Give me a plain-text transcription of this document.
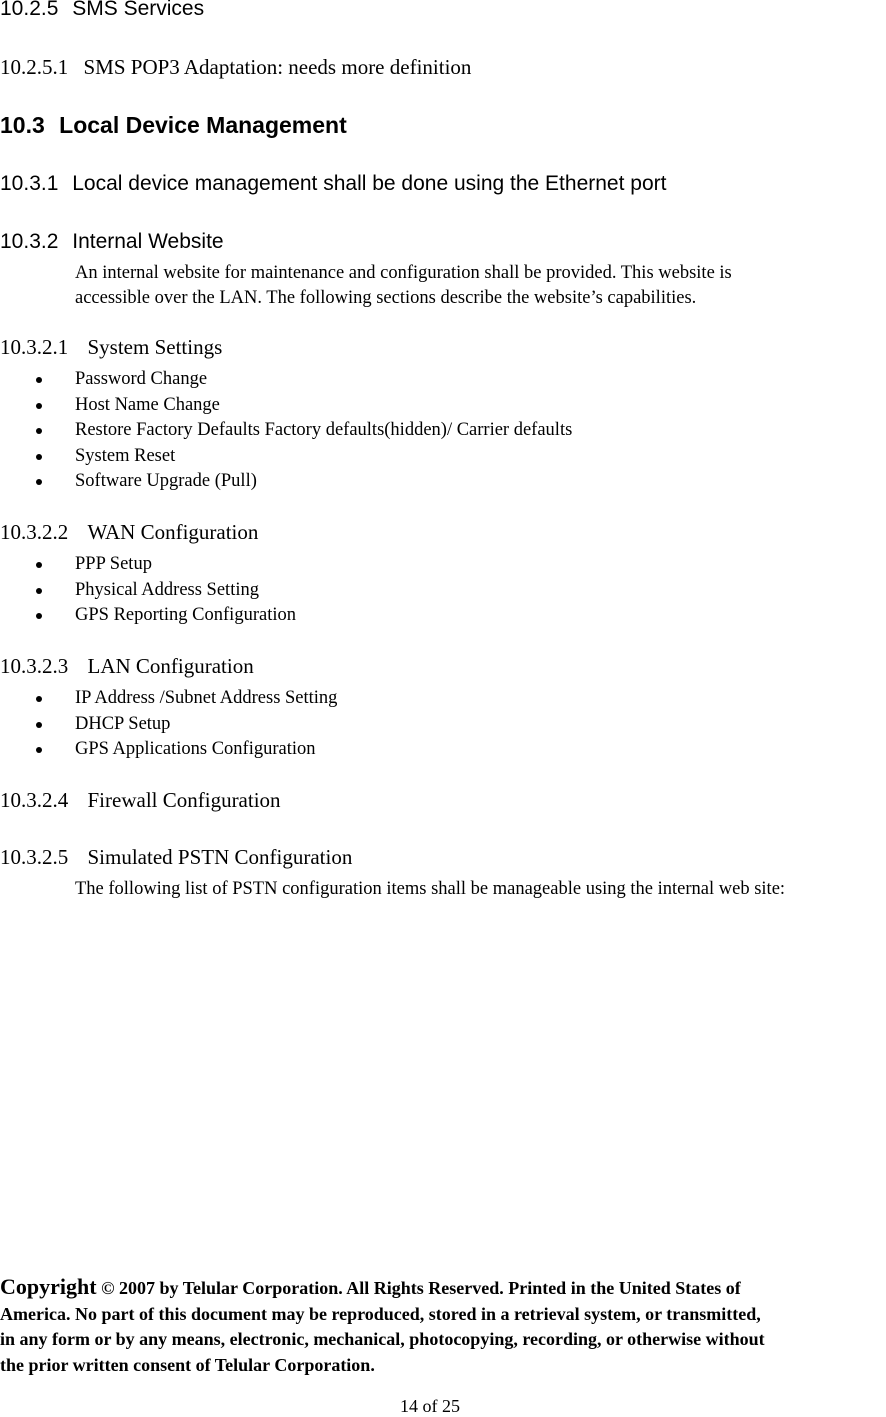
10.2.5 SMS Services
10.2.5.1 SMS POP3 Adaptation: needs more definition
10.3 Local Device Management
10.3.1 Local device management shall be done using the Ethernet port
10.3.2 Internal Website
An internal website for maintenance and configuration shall be provided. This website is
accessible over the LAN. The following sections describe the website’s capabilities.
10.3.2.1 System Settings
Password Change
Host Name Change
Restore Factory Defaults Factory defaults(hidden)/ Carrier defaults
System Reset
Software Upgrade (Pull)
10.3.2.2 WAN Configuration
PPP Setup
Physical Address Setting
GPS Reporting Configuration
10.3.2.3 LAN Configuration
IP Address /Subnet Address Setting
DHCP Setup
GPS Applications Configuration
10.3.2.4 Firewall Configuration
10.3.2.5 Simulated PSTN Configuration
The following list of PSTN configuration items shall be manageable using the internal web site:
Copyright © 2007 by Telular Corporation. All Rights Reserved. Printed in the United States of
America. No part of this document may be reproduced, stored in a retrieval system, or transmitted,
in any form or by any means, electronic, mechanical, photocopying, recording, or otherwise without
the prior written consent of Telular Corporation.
14 of 25
